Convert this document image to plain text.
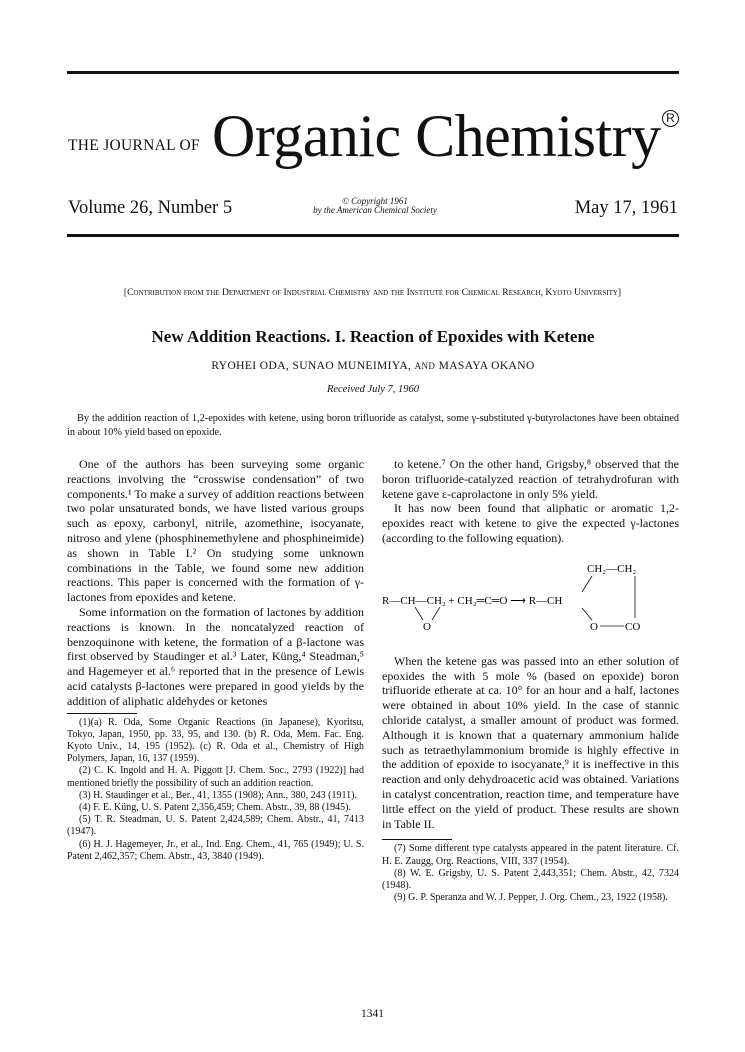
THE JOURNAL OF Organic Chemistry R
Volume 26, Number 5	© Copyright 1961
by the American Chemical Society	May 17, 1961
[Contribution from the Department of Industrial Chemistry and the Institute for Chemical Research, Kyoto University]
New Addition Reactions. I. Reaction of Epoxides with Ketene
RYOHEI ODA, SUNAO MUNEIMIYA, AND MASAYA OKANO
Received July 7, 1960
By the addition reaction of 1,2-epoxides with ketene, using boron trifluoride as catalyst, some γ-substituted γ-butyrolactones have been obtained in about 10% yield based on epoxide.

One of the authors has been surveying some organic reactions involving the “crosswise condensation” of two components.¹ To make a survey of addition reactions between two polar unsaturated bonds, we have listed various groups such as epoxy, carbonyl, nitrile, azomethine, isocyanate, nitroso and ylene (phosphinemethylene and phosphineimide) as shown in Table I.² On studying some unknown combinations in the Table, we found some new addition reactions. This paper is concerned with the formation of γ-lactones from epoxides and ketene.

Some information on the formation of lactones by addition reactions is known. In the noncatalyzed reaction of benzoquinone with ketene, the formation of a β-lactone was first observed by Staudinger et al.³ Later, Küng,⁴ Steadman,⁵ and Hagemeyer et al.⁶ reported that in the presence of Lewis acid catalysts β-lactones were prepared in good yields by the addition of aliphatic aldehydes or ketones

(1)(a) R. Oda, Some Organic Reactions (in Japanese), Kyoritsu, Tokyo, Japan, 1950, pp. 33, 95, and 130. (b) R. Oda, Mem. Fac. Eng. Kyoto Univ., 14, 195 (1952). (c) R. Oda et al., Chemistry of High Polymers, Japan, 16, 137 (1959).

(2) C. K. Ingold and H. A. Piggott [J. Chem. Soc., 2793 (1922)] had mentioned briefly the possibility of such an addition reaction.

(3) H. Staudinger et al., Ber., 41, 1355 (1908); Ann., 380, 243 (1911).

(4) F. E. Küng, U. S. Patent 2,356,459; Chem. Abstr., 39, 88 (1945).

(5) T. R. Steadman, U. S. Patent 2,424,589; Chem. Abstr., 41, 7413 (1947).

(6) H. J. Hagemeyer, Jr., et al., Ind. Eng. Chem., 41, 765 (1949); U. S. Patent 2,462,357; Chem. Abstr., 43, 3840 (1949).

to ketene.⁷ On the other hand, Grigsby,⁸ observed that the boron trifluoride-catalyzed reaction of tetrahydrofuran with ketene gave ε-caprolactone in only 5% yield.

It has now been found that aliphatic or aromatic 1,2-epoxides react with ketene to give the expected γ-lactones (according to the following equation).

CH₂—CH₂
R—CH—CH₂ + CH₂═C═O ⟶ R—CH
O	O CO

When the ketene gas was passed into an ether solution of epoxides the with 5 mole % (based on epoxide) boron trifluoride etherate at ca. 10° for an hour and a half, lactones were obtained in about 10% yield. In the case of stannic chloride catalyst, a smaller amount of product was formed. Although it is known that a quaternary ammonium halide such as tetraethylammonium bromide is highly effective in the addition of epoxide to isocyanate,⁹ it is ineffective in this reaction and only dehydroacetic acid was obtained. Variations in catalyst concentration, reaction time, and temperature have little effect on the yield of product. These results are shown in Table II.

(7) Some different type catalysts appeared in the patent literature. Cf. H. E. Zaugg, Org. Reactions, VIII, 337 (1954).

(8) W. E. Grigsby, U. S. Patent 2,443,351; Chem. Abstr., 42, 7324 (1948).

(9) G. P. Speranza and W. J. Pepper, J. Org. Chem., 23, 1922 (1958).

1341
